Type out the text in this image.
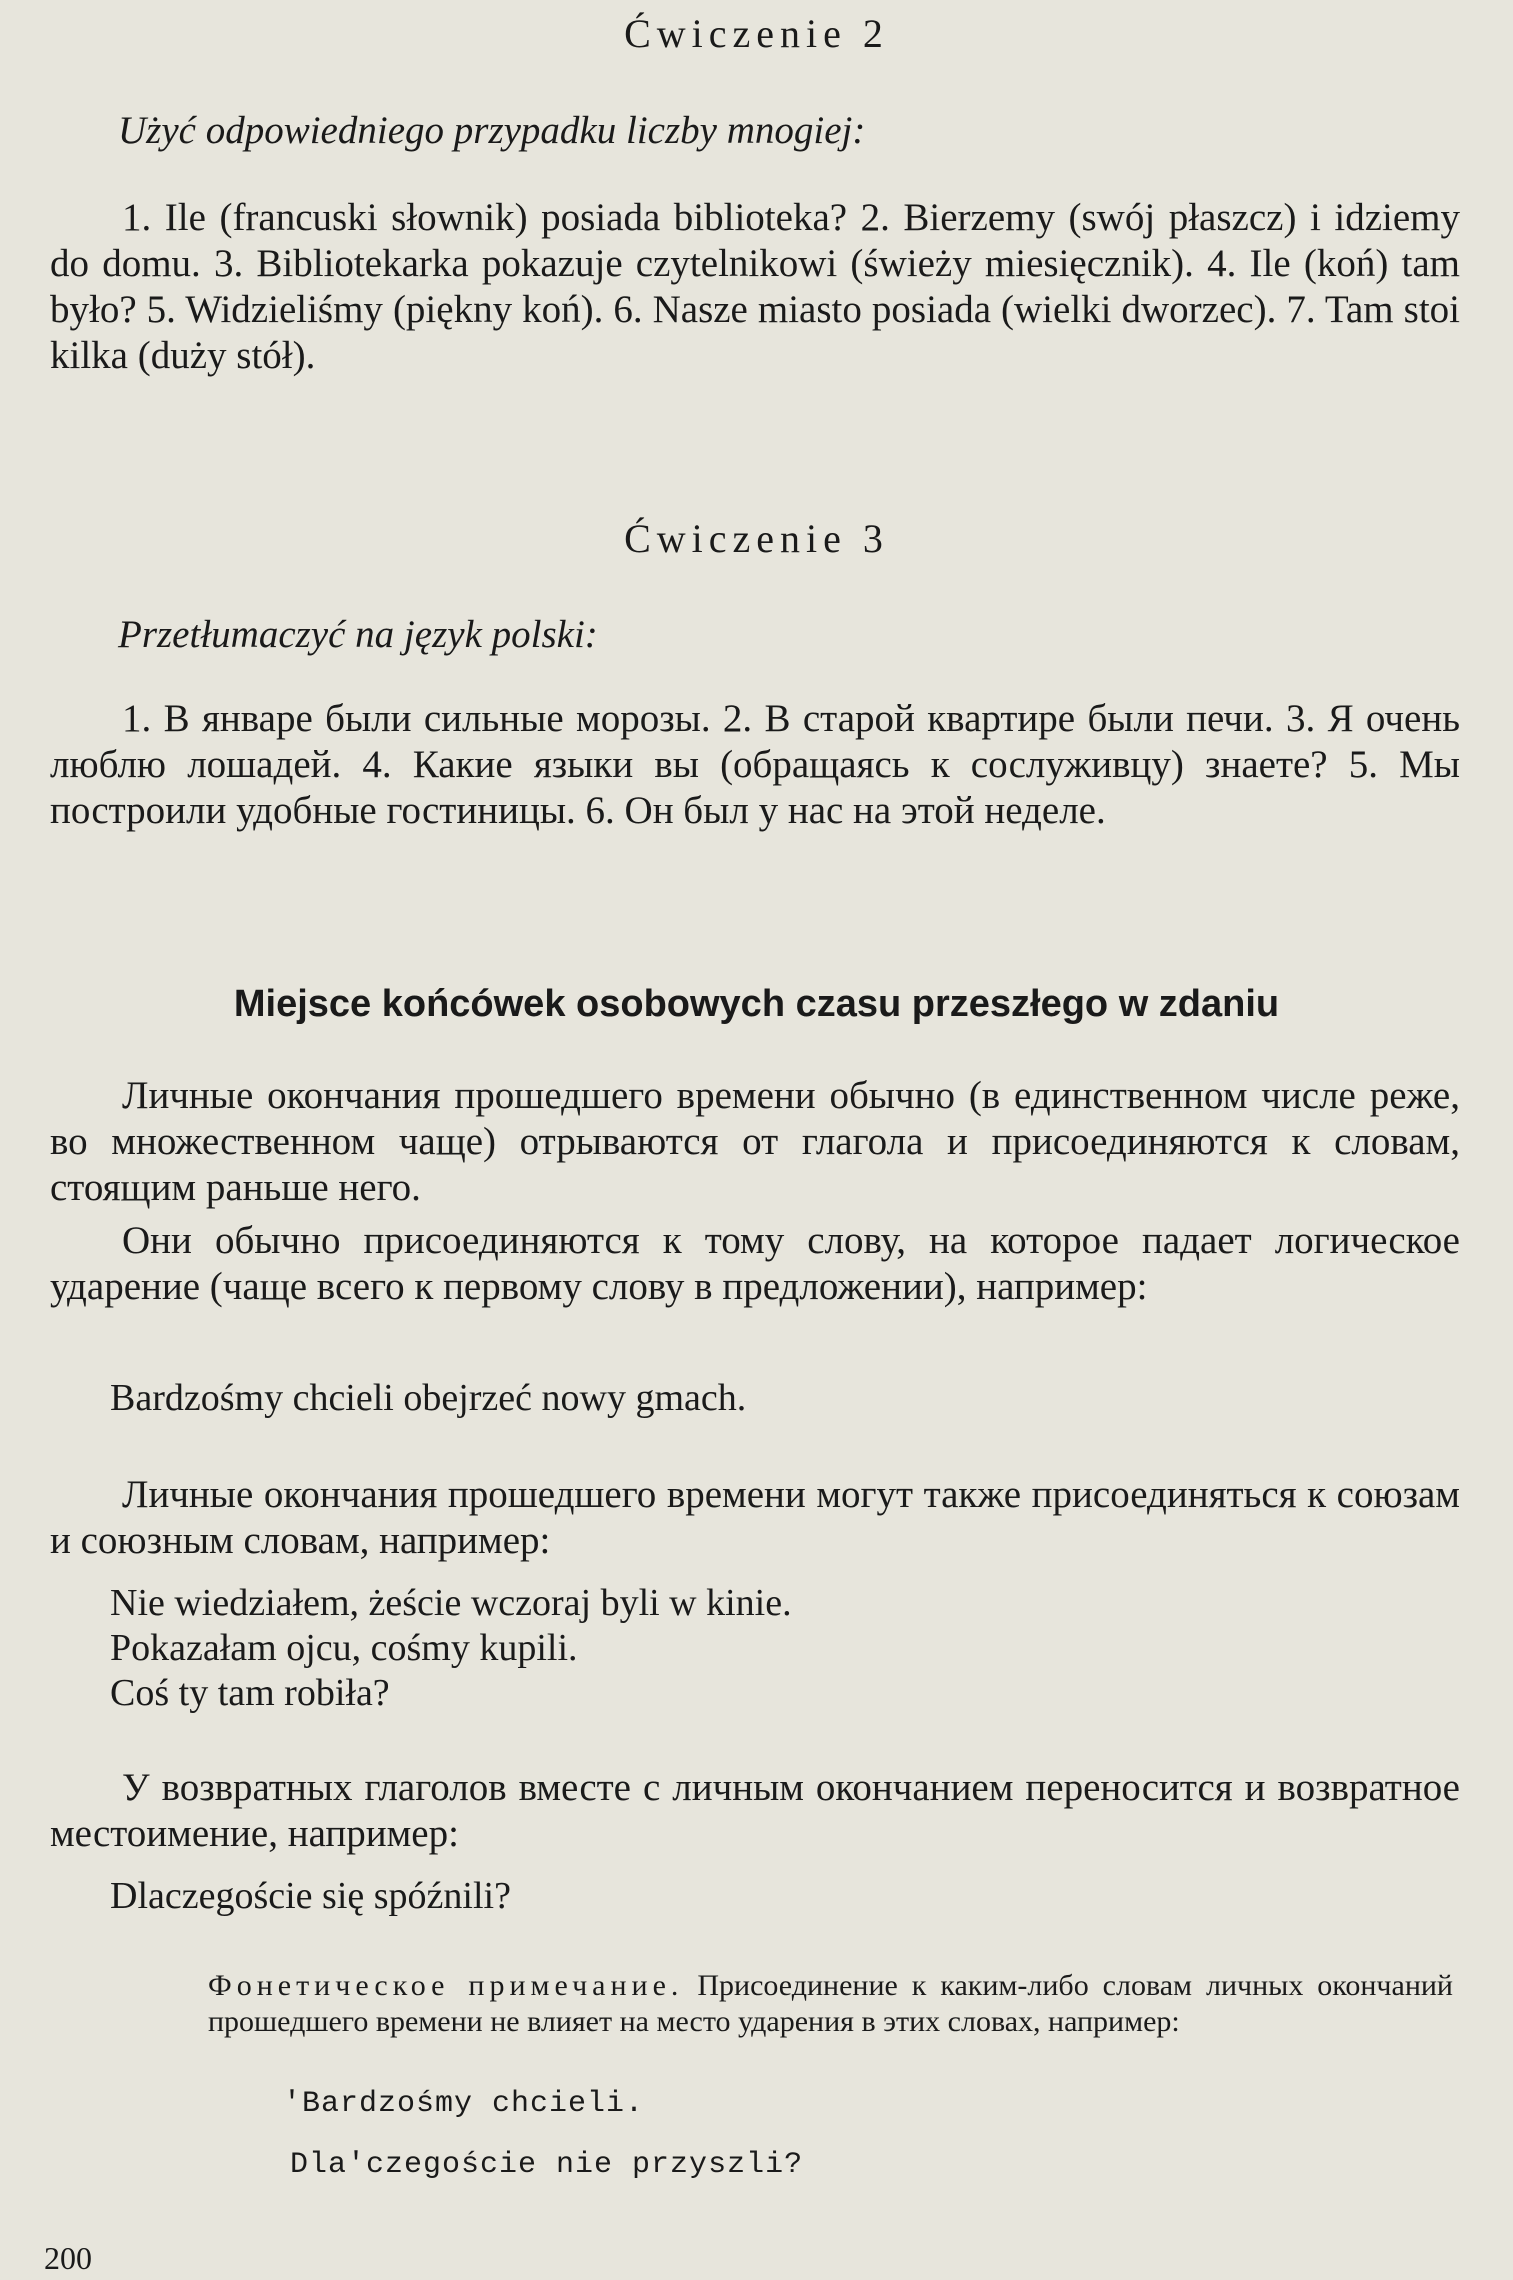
Ćwiczenie 2
Użyć odpowiedniego przypadku liczby mnogiej:
1. Ile (francuski słownik) posiada biblioteka? 2. Bierzemy (swój płaszcz) i idziemy do domu. 3. Bibliotekarka pokazuje czytelnikowi (świeży miesięcznik). 4. Ile (koń) tam było? 5. Widzieliśmy (piękny koń). 6. Nasze miasto posiada (wielki dworzec). 7. Tam stoi kilka (duży stół).
Ćwiczenie 3
Przetłumaczyć na język polski:
1. В январе были сильные морозы. 2. В старой квартире были печи. 3. Я очень люблю лошадей. 4. Какие языки вы (обращаясь к сослуживцу) знаете? 5. Мы построили удобные гостиницы. 6. Он был у нас на этой неделе.
Miejsce końcówek osobowych czasu przeszłego w zdaniu
Личные окончания прошедшего времени обычно (в единственном числе реже, во множественном чаще) отрываются от глагола и присоединяются к словам, стоящим раньше него.
Они обычно присоединяются к тому слову, на которое падает логическое ударение (чаще всего к первому слову в предложении), например:
Bardzośmy chcieli obejrzeć nowy gmach.
Личные окончания прошедшего времени могут также присоединяться к союзам и союзным словам, например:
Nie wiedziałem, żeście wczoraj byli w kinie.
Pokazałam ojcu, cośmy kupili.
Coś ty tam robiła?
У возвратных глаголов вместе с личным окончанием переносится и возвратное местоимение, например:
Dlaczegoście się spóźnili?
Фонетическое примечание. Присоединение к каким-либо словам личных окончаний прошедшего времени не влияет на место ударения в этих словах, например:
ʹBardzośmy chcieli.
Dlaʹczegoście nie przyszli?
200
